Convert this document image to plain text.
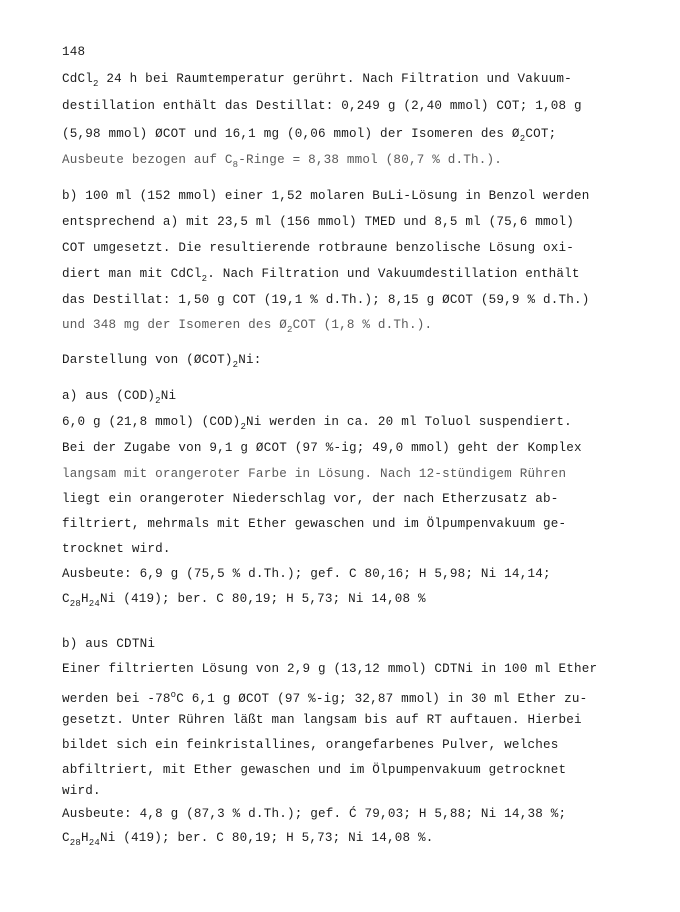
148
CdCl$_2$ 24 h bei Raumtemperatur gerührt. Nach Filtration und Vakuum-
destillation enthält das Destillat: 0,249 g (2,40 mmol) COT; 1,08 g
(5,98 mmol) ØCOT und 16,1 mg (0,06 mmol) der Isomeren des $Ø_2COT$;
Ausbeute bezogen auf $C_8$-Ringe = 8,38 mmol (80,7 % d.Th.).
b) 100 ml (152 mmol) einer 1,52 molaren BuLi-Lösung in Benzol werden
entsprechend a) mit 23,5 ml (156 mmol) TMED und 8,5 ml (75,6 mmol)
COT umgesetzt. Die resultierende rotbraune benzolische Lösung oxi-
diert man mit CdCl$_2$. Nach Filtration und Vakuumdestillation enthält
das Destillat: 1,50 g COT (19,1 % d.Th.); 8,15 g ØCOT (59,9 % d.Th.)
und 348 mg der Isomeren des $Ø_2COT$ (1,8 % d.Th.).
Darstellung von $(ØCOT)_2Ni$:
a) aus $(COD)_2Ni$
6,0 g (21,8 mmol) $(COD)_2Ni$ werden in ca. 20 ml Toluol suspendiert.
Bei der Zugabe von 9,1 g ØCOT (97 %-ig; 49,0 mmol) geht der Komplex
langsam mit orangeroter Farbe in Lösung. Nach 12-stündigem Rühren
liegt ein orangeroter Niederschlag vor, der nach Etherzusatz ab-
filtriert, mehrmals mit Ether gewaschen und im Ölpumpenvakuum ge-
trocknet wird.
Ausbeute: 6,9 g (75,5 % d.Th.); gef. C 80,16; H 5,98; Ni 14,14;
$C_{28}H_{24}Ni$ (419); ber. C 80,19; H 5,73; Ni 14,08 %
b) aus CDTNi
Einer filtrierten Lösung von 2,9 g (13,12 mmol) CDTNi in 100 ml Ether
werden bei -78$^o$C 6,1 g ØCOT (97 %-ig; 32,87 mmol) in 30 ml Ether zu-
gesetzt. Unter Rühren läßt man langsam bis auf RT auftauen. Hierbei
bildet sich ein feinkristallines, orangefarbenes Pulver, welches
abfiltriert, mit Ether gewaschen und im Ölpumpenvakuum getrocknet
wird.
Ausbeute: 4,8 g (87,3 % d.Th.); gef. Ć 79,03; H 5,88; Ni 14,38 %;
$C_{28}H_{24}Ni$ (419); ber. C 80,19; H 5,73; Ni 14,08 %.
